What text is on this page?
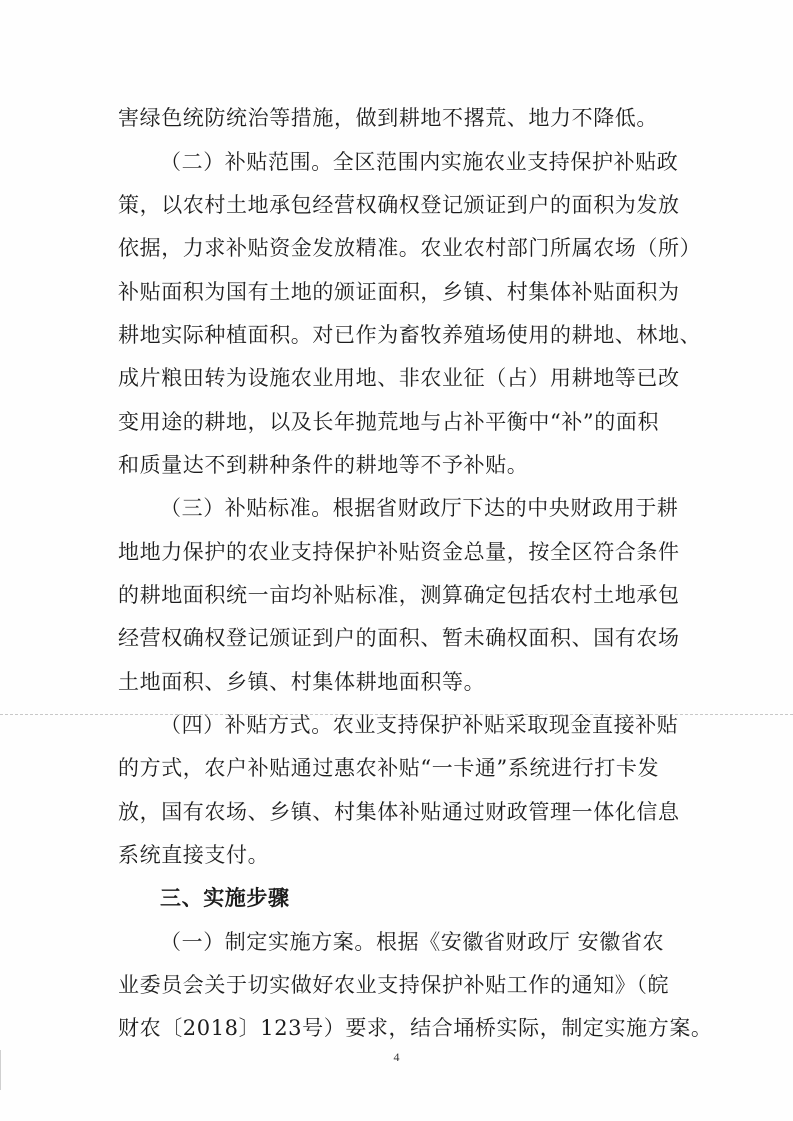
害绿色统防统治等措施，做到耕地不撂荒、地力不降低。
（二）补贴范围。全区范围内实施农业支持保护补贴政
策，以农村土地承包经营权确权登记颁证到户的面积为发放
依据，力求补贴资金发放精准。农业农村部门所属农场（所）
补贴面积为国有土地的颁证面积，乡镇、村集体补贴面积为
耕地实际种植面积。对已作为畜牧养殖场使用的耕地、林地、
成片粮田转为设施农业用地、非农业征（占）用耕地等已改
变用途的耕地，以及长年抛荒地与占补平衡中“补”的面积
和质量达不到耕种条件的耕地等不予补贴。
（三）补贴标准。根据省财政厅下达的中央财政用于耕
地地力保护的农业支持保护补贴资金总量，按全区符合条件
的耕地面积统一亩均补贴标准，测算确定包括农村土地承包
经营权确权登记颁证到户的面积、暂未确权面积、国有农场
土地面积、乡镇、村集体耕地面积等。
（四）补贴方式。农业支持保护补贴采取现金直接补贴
的方式，农户补贴通过惠农补贴“一卡通”系统进行打卡发
放，国有农场、乡镇、村集体补贴通过财政管理一体化信息
系统直接支付。
三、实施步骤
（一）制定实施方案。根据《安徽省财政厅 安徽省农
业委员会关于切实做好农业支持保护补贴工作的通知》（皖
财农〔2018〕123号）要求，结合埇桥实际，制定实施方案。
4
